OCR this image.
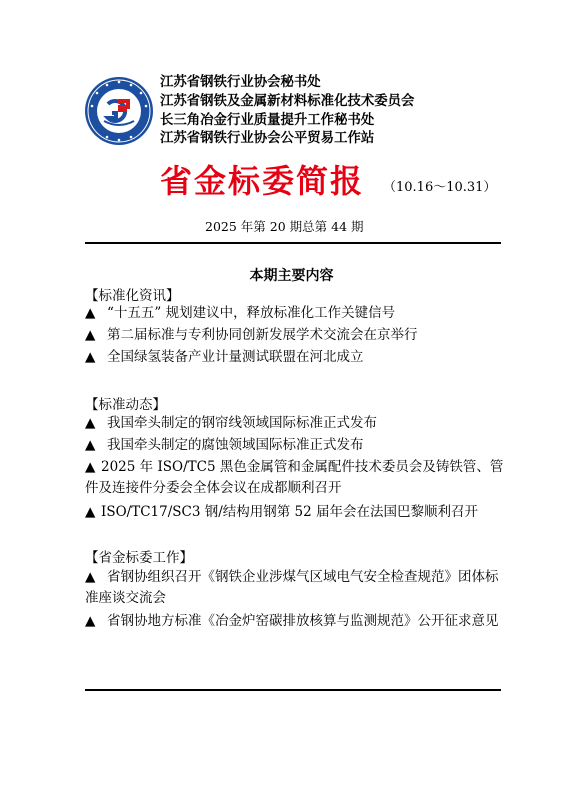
江苏省钢铁行业协会秘书处
江苏省钢铁及金属新材料标准化技术委员会
长三角冶金行业质量提升工作秘书处
江苏省钢铁行业协会公平贸易工作站
省金标委简报 （10.16～10.31）
2025 年第 20 期总第 44 期
本期主要内容
【标准化资讯】
▲ “十五五” 规划建议中，释放标准化工作关键信号
▲ 第二届标准与专利协同创新发展学术交流会在京举行
▲ 全国绿氢装备产业计量测试联盟在河北成立
【标准动态】
▲ 我国牵头制定的钢帘线领域国际标准正式发布
▲ 我国牵头制定的腐蚀领域国际标准正式发布
▲ 2025 年 ISO/TC5 黑色金属管和金属配件技术委员会及铸铁管、管件及连接件分委会全体会议在成都顺利召开
▲ ISO/TC17/SC3 钢/结构用钢第 52 届年会在法国巴黎顺利召开
【省金标委工作】
▲ 省钢协组织召开《钢铁企业涉煤气区域电气安全检查规范》团体标准座谈交流会
▲ 省钢协地方标准《冶金炉窑碳排放核算与监测规范》公开征求意见
